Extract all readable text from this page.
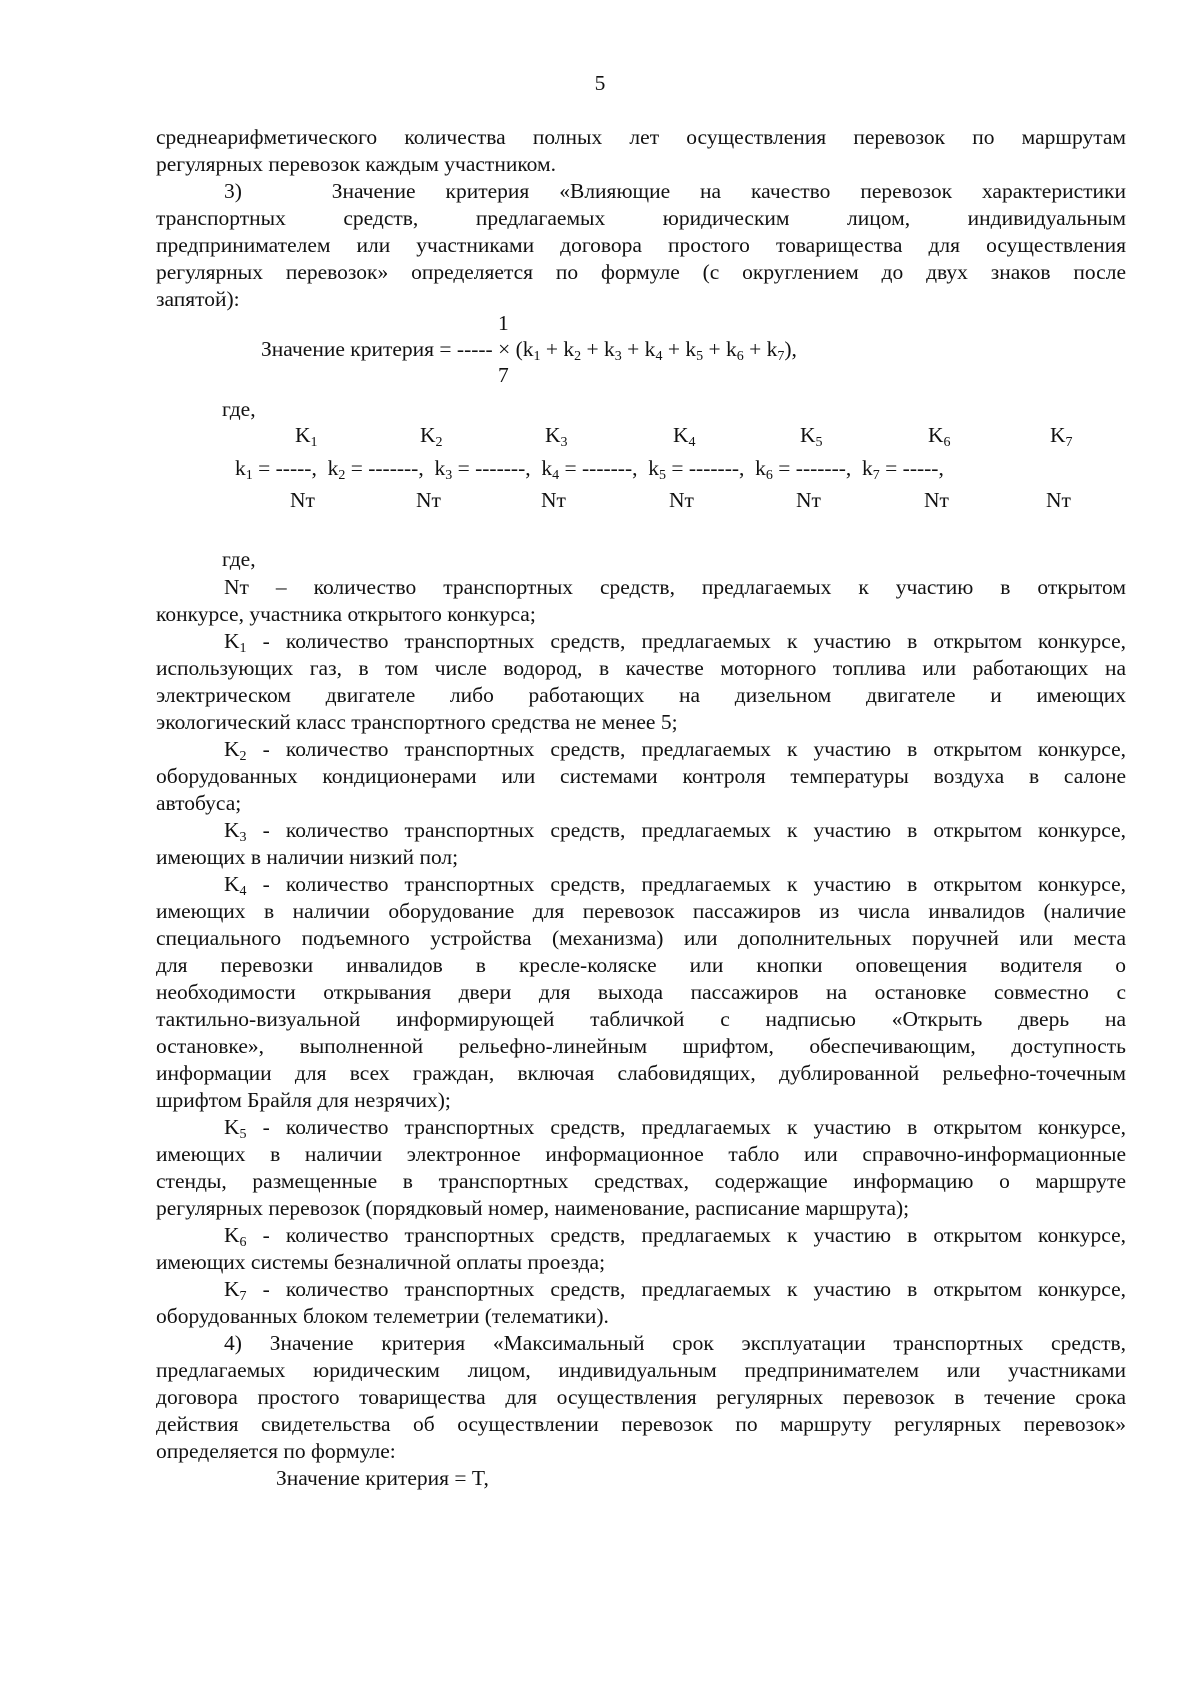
5
среднеарифметического количества полных лет осуществления перевозок по маршрутам
регулярных перевозок каждым участником.
3)   Значение критерия «Влияющие на качество перевозок характеристики
транспортных средств, предлагаемых юридическим лицом, индивидуальным
предпринимателем или участниками договора простого товарищества для осуществления
регулярных перевозок» определяется по формуле (с округлением до двух знаков после
запятой):
1
Значение критерия = ----- × $(k_1 + k_2 + k_3 + k_4 + k_5 + k_6 + k_7)$,
7
где,
$K_1$	$K_2$	$K_3$	$K_4$	$K_5$	$K_6$	$K_7$
$k_1$ = -----,  $k_2$ = -------,  $k_3$ = -------,  $k_4$ = -------,  $k_5$ = -------,  $k_6$ = -------,  $k_7$ = -----,
Nт	Nт	Nт	Nт	Nт	Nт	Nт
где,
Nт – количество транспортных средств, предлагаемых к участию в открытом
конкурсе, участника открытого конкурса;
$K_1$ - количество транспортных средств, предлагаемых к участию в открытом конкурсе,
использующих газ, в том числе водород, в качестве моторного топлива или работающих на
электрическом двигателе либо работающих на дизельном двигателе и имеющих
экологический класс транспортного средства не менее 5;
$K_2$ - количество транспортных средств, предлагаемых к участию в открытом конкурсе,
оборудованных кондиционерами или системами контроля температуры воздуха в салоне
автобуса;
$K_3$ - количество транспортных средств, предлагаемых к участию в открытом конкурсе,
имеющих в наличии низкий пол;
$K_4$ - количество транспортных средств, предлагаемых к участию в открытом конкурсе,
имеющих в наличии оборудование для перевозок пассажиров из числа инвалидов (наличие
специального подъемного устройства (механизма) или дополнительных поручней или места
для перевозки инвалидов в кресле-коляске или кнопки оповещения водителя о
необходимости открывания двери для выхода пассажиров на остановке совместно с
тактильно-визуальной информирующей табличкой с надписью «Открыть дверь на
остановке», выполненной рельефно-линейным шрифтом, обеспечивающим, доступность
информации для всех граждан, включая слабовидящих, дублированной рельефно-точечным
шрифтом Брайля для незрячих);
$K_5$ - количество транспортных средств, предлагаемых к участию в открытом конкурсе,
имеющих в наличии электронное информационное табло или справочно-информационные
стенды, размещенные в транспортных средствах, содержащие информацию о маршруте
регулярных перевозок (порядковый номер, наименование, расписание маршрута);
$K_6$ - количество транспортных средств, предлагаемых к участию в открытом конкурсе,
имеющих системы безналичной оплаты проезда;
$K_7$ - количество транспортных средств, предлагаемых к участию в открытом конкурсе,
оборудованных блоком телеметрии (телематики).
4) Значение критерия «Максимальный срок эксплуатации транспортных средств,
предлагаемых юридическим лицом, индивидуальным предпринимателем или участниками
договора простого товарищества для осуществления регулярных перевозок в течение срока
действия свидетельства об осуществлении перевозок по маршруту регулярных перевозок»
определяется по формуле:
Значение критерия = T,
